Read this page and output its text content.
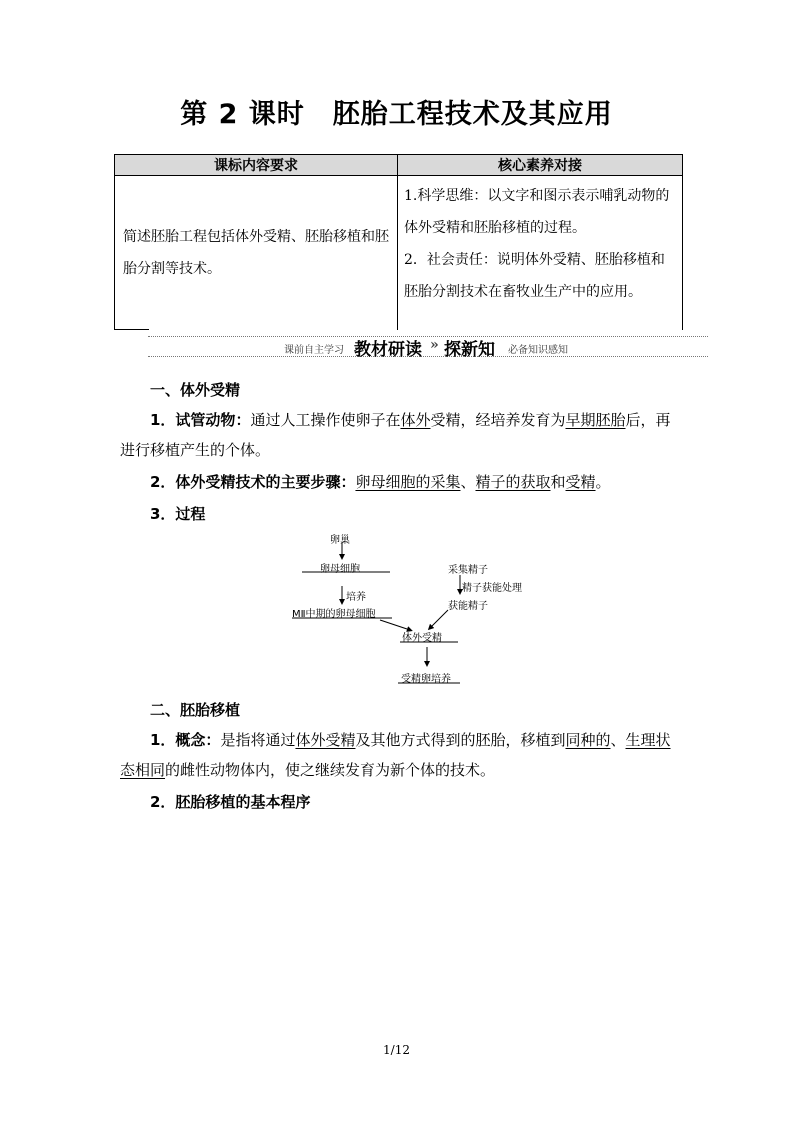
第 2 课时　胚胎工程技术及其应用
课标内容要求	核心素养对接

简述胚胎工程包括体外受精、胚胎移植和胚胎分割等技术。	1.科学思维：以文字和图示表示哺乳动物的体外受精和胚胎移植的过程。
2．社会责任：说明体外受精、胚胎移植和胚胎分割技术在畜牧业生产中的应用。
课前自主学习 教材研读 » 探新知 必备知识感知
一、体外受精
1．试管动物：通过人工操作使卵子在体外受精，经培养发育为早期胚胎后，再进行移植产生的个体。
2．体外受精技术的主要步骤：卵母细胞的采集、精子的获取和受精。
3．过程
卵巢
卵母细胞
培养
MⅡ中期的卵母细胞
采集精子
精子获能处理
获能精子
体外受精
受精卵培养
二、胚胎移植
1．概念：是指将通过体外受精及其他方式得到的胚胎，移植到同种的、生理状态相同的雌性动物体内，使之继续发育为新个体的技术。
2．胚胎移植的基本程序
1/12
